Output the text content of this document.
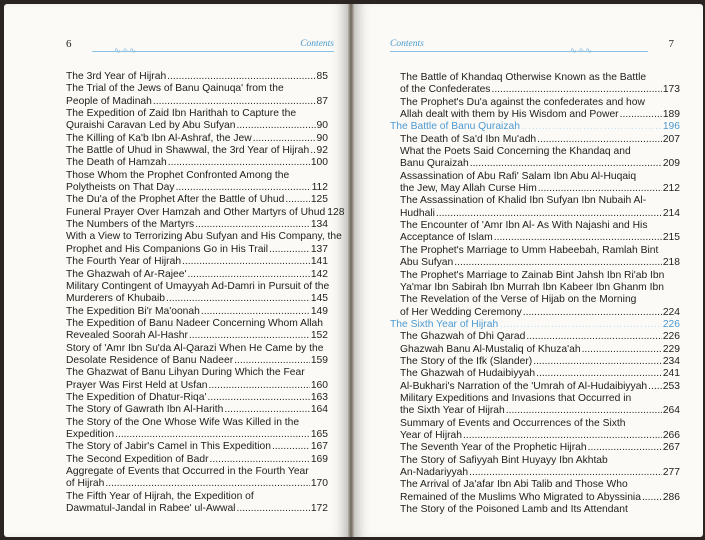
6	Contents
The 3rd Year of Hijrah .....	85
The Trial of the Jews of Banu Qainuqa' from the
People of Madinah .....	87
The Expedition of Zaid Ibn Harithah to Capture the
Quraishi Caravan Led by Abu Sufyan .....	90
The Killing of Ka'b Ibn Al-Ashraf, the Jew .....	90
The Battle of Uhud in Shawwal, the 3rd Year of Hijrah ..... 92
The Death of Hamzah .....	100
Those Whom the Prophet Confronted Among the
Polytheists on That Day .....	112
The Du'a of the Prophet After the Battle of Uhud .....	125
Funeral Prayer Over Hamzah and Other Martyrs of Uhud 128
The Numbers of the Martyrs .....	134
With a View to Terrorizing Abu Sufyan and His Company, the
Prophet and His Companions Go in His Trail .....	137
The Fourth Year of Hijrah .....	141
The Ghazwah of Ar-Rajee' .....	142
Military Contingent of Umayyah Ad-Damri in Pursuit of the
Murderers of Khubaib .....	145
The Expedition Bi'r Ma'oonah .....	149
The Expedition of Banu Nadeer Concerning Whom Allah
Revealed Soorah Al-Hashr .....	152
Story of 'Amr Ibn Su'da Al-Qarazi When He Came by the
Desolate Residence of Banu Nadeer .....	159
The Ghazwat of Banu Lihyan During Which the Fear
Prayer Was First Held at Usfan .....	160
The Expedition of Dhatur-Riqa' .....	163
The Story of Gawrath Ibn Al-Harith .....	164
The Story of the One Whose Wife Was Killed in the
Expedition .....	165
The Story of Jabir's Camel in This Expedition .....	167
The Second Expedition of Badr .....	169
Aggregate of Events that Occurred in the Fourth Year
of Hijrah .....	170
The Fifth Year of Hijrah, the Expedition of
Dawmatul-Jandal in Rabee' ul-Awwal .....	172
Contents
∿✧∿
7
The Battle of Khandaq Otherwise Known as the Battle
of the Confederates .....	173
The Prophet's Du'a against the confederates and how
Allah dealt with them by His Wisdom and Power .....	189
The Battle of Banu Quraizah ……………………………………………………………………………………………………………………………………………………	196
The Death of Sa'd Ibn Mu'adh .....	207
What the Poets Said Concerning the Khandaq and
Banu Quraizah .....	209
Assassination of Abu Rafi' Salam Ibn Abu Al-Huqaiq
the Jew, May Allah Curse Him .....	212
The Assassination of Khalid Ibn Sufyan Ibn Nubaih Al-
Hudhali .....	214
The Encounter of 'Amr Ibn Al- As With Najashi and His
Acceptance of Islam .....	215
The Prophet's Marriage to Umm Habeebah, Ramlah Bint
Abu Sufyan .....	218
The Prophet's Marriage to Zainab Bint Jahsh Ibn Ri'ab Ibn
Ya'mar Ibn Sabirah Ibn Murrah Ibn Kabeer Ibn Ghanm Ibn
The Revelation of the Verse of Hijab on the Morning
of Her Wedding Ceremony .....	224
The Sixth Year of Hijrah ……………………………………………………………………………………………………………………………………………………	226
The Ghazwah of Dhi Qarad .....	226
Ghazwah Banu Al-Mustaliq of Khuza'ah .....	229
The Story of the Ifk (Slander) .....	234
The Ghazwah of Hudaibiyyah .....	241
Al-Bukhari's Narration of the 'Umrah of Al-Hudaibiyyah ..... 253
Military Expeditions and Invasions that Occurred in
the Sixth Year of Hijrah .....	264
Summary of Events and Occurrences of the Sixth
Year of Hijrah .....	266
The Seventh Year of the Prophetic Hijrah .....	267
The Story of Safiyyah Bint Huyayy Ibn Akhtab
An-Nadariyyah .....	277
The Arrival of Ja'afar Ibn Abi Talib and Those Who
Remained of the Muslims Who Migrated to Abyssinia ..... 286
The Story of the Poisoned Lamb and Its Attendant
